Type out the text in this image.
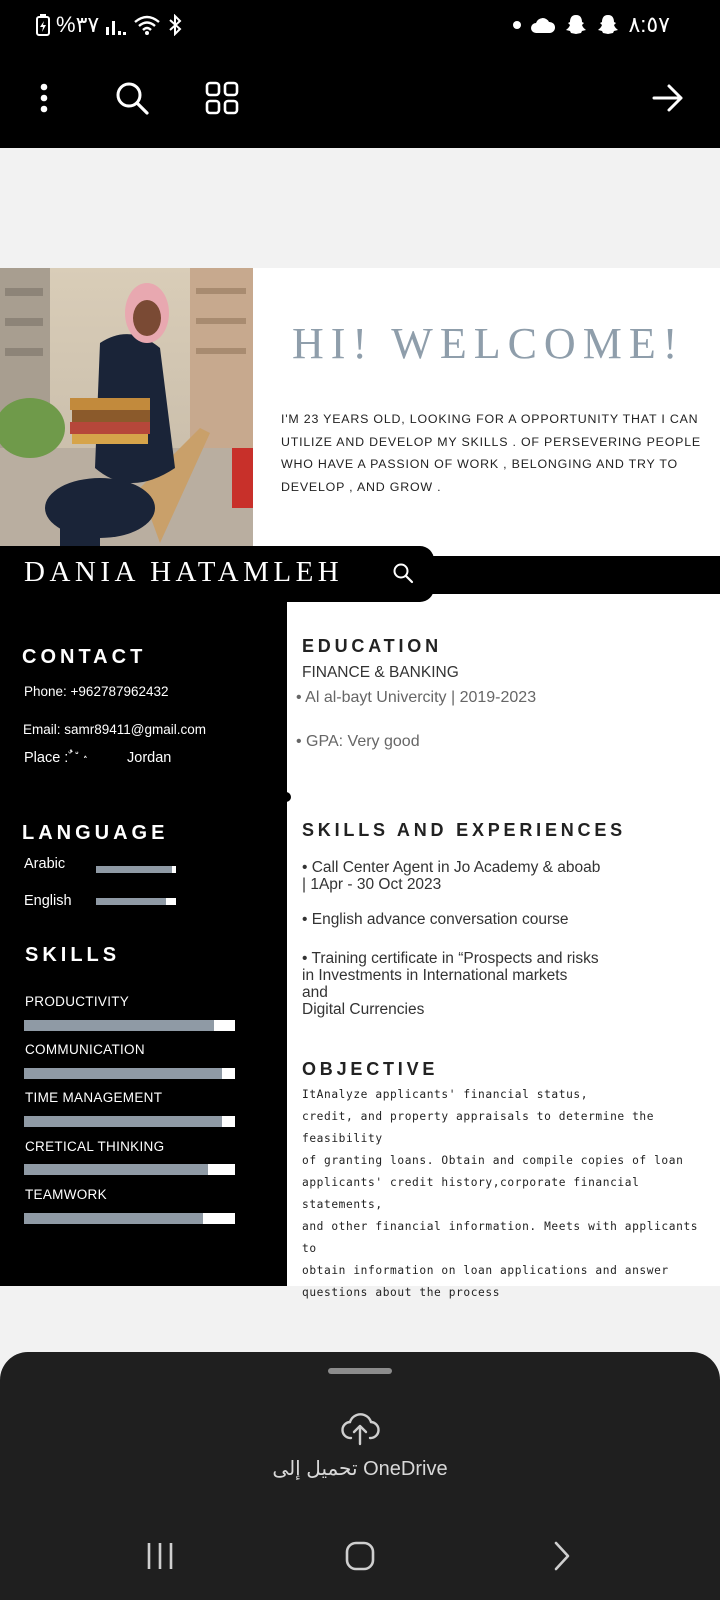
%٣٧	٨:٥٧
HI! WELCOME!
I'M 23 YEARS OLD, LOOKING FOR A OPPORTUNITY THAT I CAN
UTILIZE AND DEVELOP MY SKILLS . OF PERSEVERING PEOPLE
WHO HAVE A PASSION OF WORK , BELONGING AND TRY TO
DEVELOP , AND GROW .
DANIA HATAMLEH
CONTACT
Phone: +962787962432
Email: samr89411@gmail.com
Place : ٌ ٘ ٛ	Jordan
LANGUAGE
Arabic
English
SKILLS
PRODUCTIVITY
COMMUNICATION
TIME MANAGEMENT
CRETICAL THINKING
TEAMWORK
EDUCATION
FINANCE & BANKING
• Al al-bayt Univercity | 2019-2023
• GPA: Very good
SKILLS AND EXPERIENCES
• Call Center Agent in Jo Academy & aboab
| 1Apr - 30 Oct 2023
• English advance conversation course
• Training certificate in “Prospects and risks
in Investments in International markets
and
Digital Currencies
OBJECTIVE
ItAnalyze applicants' financial status,
credit, and property appraisals to determine the feasibility
of granting loans. Obtain and compile copies of loan
applicants' credit history,corporate financial statements,
and other financial information. Meets with applicants to
obtain information on loan applications and answer
questions about the process
تحميل إلى OneDrive
